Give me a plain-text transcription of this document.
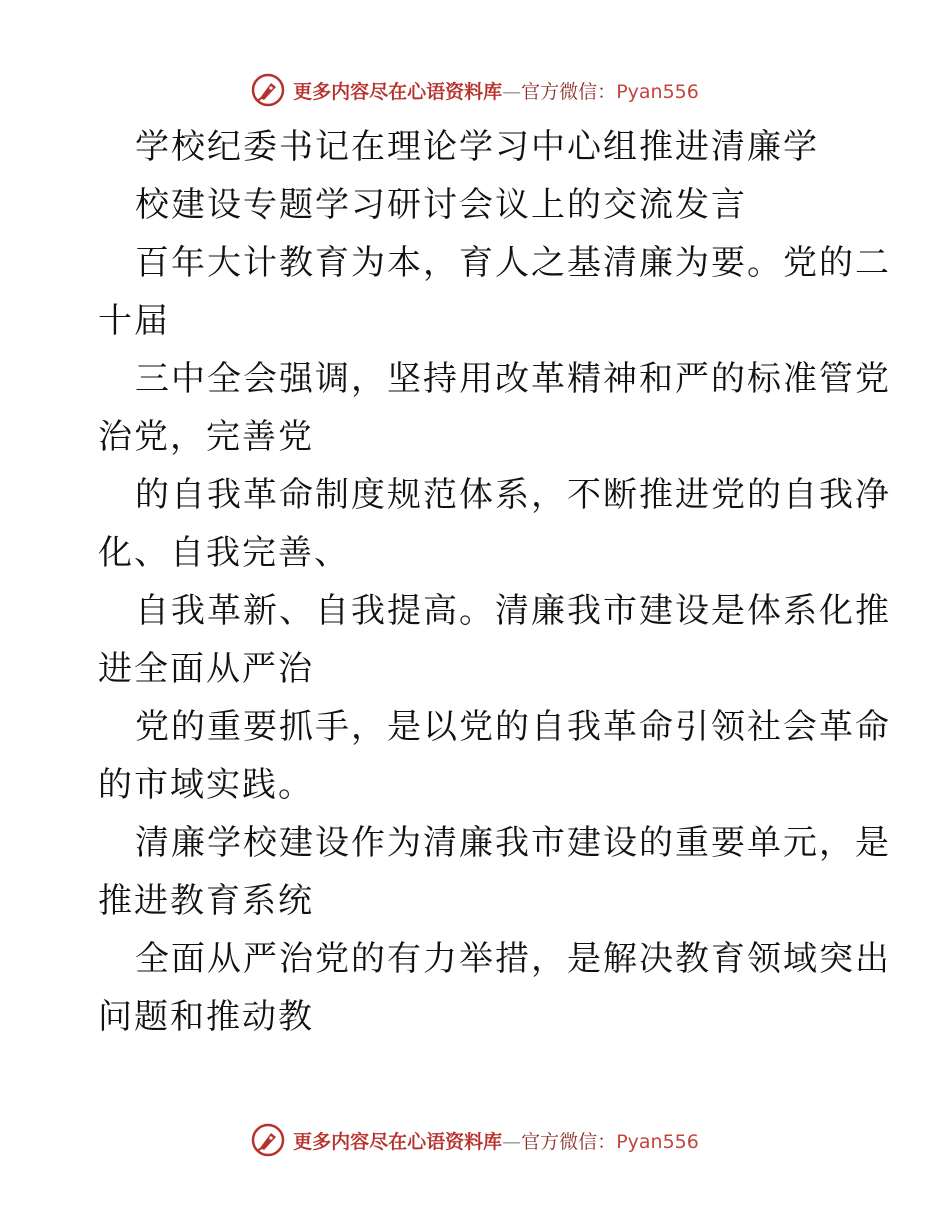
更多内容尽在心语资料库—官方微信：Pyan556
学校纪委书记在理论学习中心组推进清廉学
校建设专题学习研讨会议上的交流发言
百年大计教育为本，育人之基清廉为要。党的二
十届
三中全会强调，坚持用改革精神和严的标准管党
治党，完善党
的自我革命制度规范体系，不断推进党的自我净
化、自我完善、
自我革新、自我提高。清廉我市建设是体系化推
进全面从严治
党的重要抓手，是以党的自我革命引领社会革命
的市域实践。
清廉学校建设作为清廉我市建设的重要单元，是
推进教育系统
全面从严治党的有力举措，是解决教育领域突出
问题和推动教
更多内容尽在心语资料库—官方微信：Pyan556
